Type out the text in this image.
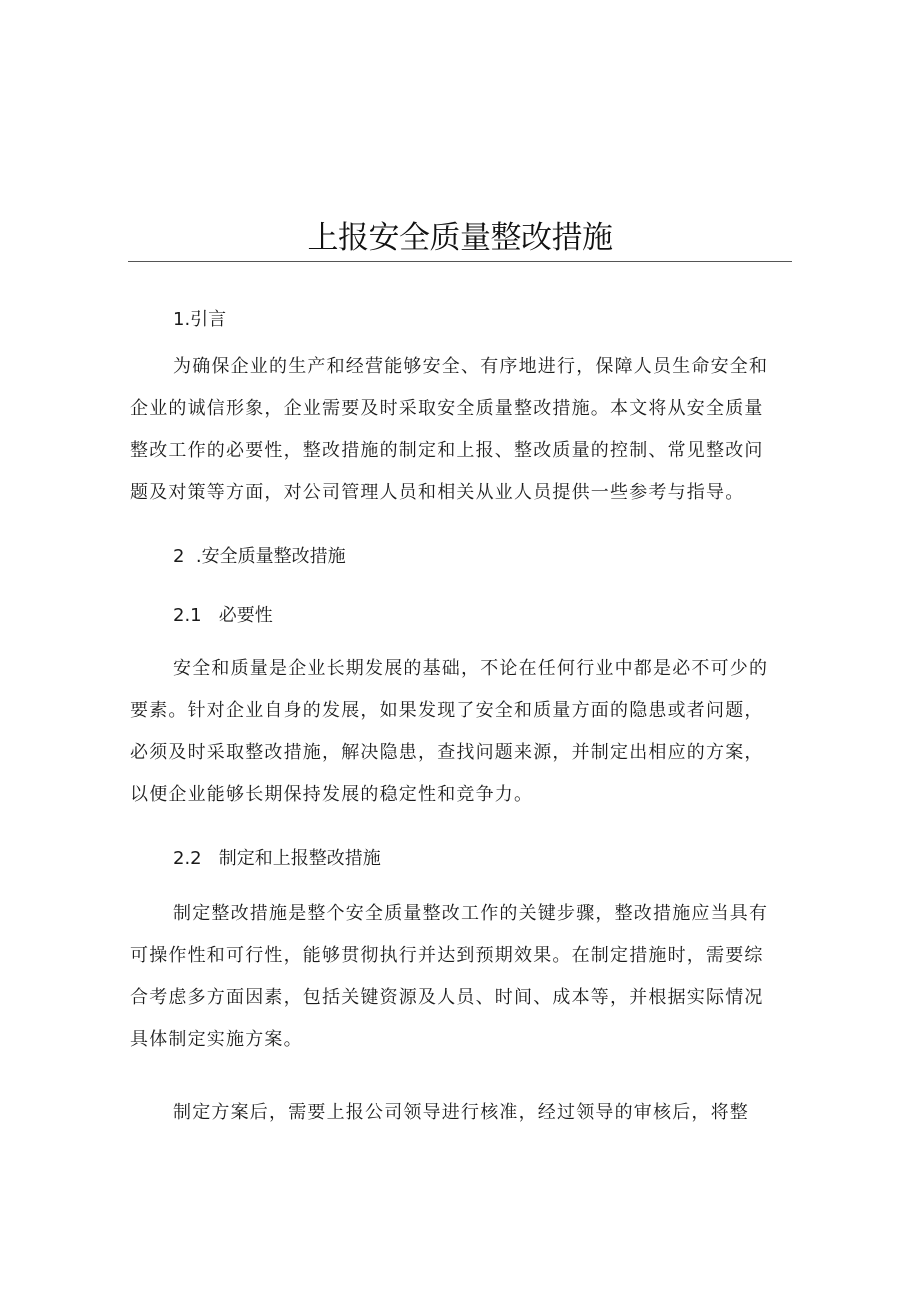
上报安全质量整改措施
1.引言
为确保企业的生产和经营能够安全、有序地进行，保障人员生命安全和
企业的诚信形象，企业需要及时采取安全质量整改措施。本文将从安全质量
整改工作的必要性，整改措施的制定和上报、整改质量的控制、常见整改问
题及对策等方面，对公司管理人员和相关从业人员提供一些参考与指导。
2  .安全质量整改措施
2.1   必要性
安全和质量是企业长期发展的基础，不论在任何行业中都是必不可少的
要素。针对企业自身的发展，如果发现了安全和质量方面的隐患或者问题，
必须及时采取整改措施，解决隐患，查找问题来源，并制定出相应的方案，
以便企业能够长期保持发展的稳定性和竞争力。
2.2   制定和上报整改措施
制定整改措施是整个安全质量整改工作的关键步骤，整改措施应当具有
可操作性和可行性，能够贯彻执行并达到预期效果。在制定措施时，需要综
合考虑多方面因素，包括关键资源及人员、时间、成本等，并根据实际情况
具体制定实施方案。
制定方案后，需要上报公司领导进行核准，经过领导的审核后，将整
